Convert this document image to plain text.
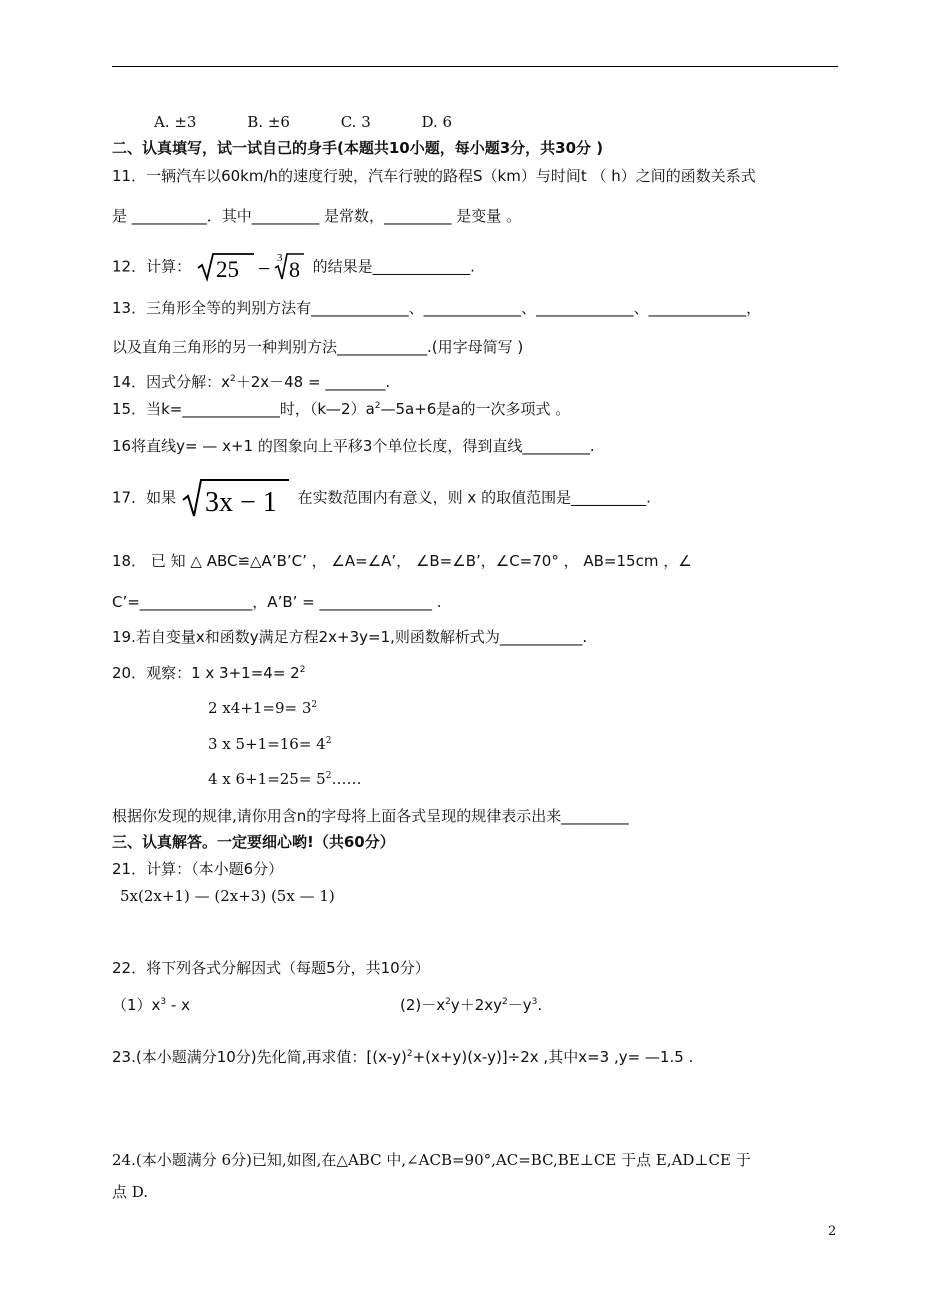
A. ±3	B. ±6	C. 3	D. 6
二、认真填写，试一试自己的身手(本题共10小题，每小题3分，共30分 )
11．一辆汽车以60km/h的速度行驶，汽车行驶的路程S（km）与时间t （ h）之间的函数关系式
是 __________．其中_________ 是常数，_________ 是变量 。
12．计算： 25 − 3 8 的结果是_____________.
13．三角形全等的判别方法有_____________、_____________、_____________、_____________，
以及直角三角形的另一种判别方法____________.(用字母简写 )
14．因式分解：$x^2+2x-48$ = ________.
15．当k=_____________时，$(k—2)a^2—5a+6$是a的一次多项式 。
16将直线y= — x+1 的图象向上平移3个单位长度，得到直线_________.
17．如果 3x − 1 在实数范围内有意义，则 x 的取值范围是__________.
18． 已 知 △ ABC≌△A’B’C’ ， ∠A=∠A’， ∠B=∠B’，∠C=70° ， AB=15cm ，∠
C’=_______________，A’B’ = _______________ .
19.若自变量x和函数y满足方程2x+3y=1,则函数解析式为___________.
20．观察：1 x $3+1=4= 2^2$
2 $x4+1=9= 3^2$
3 x $5+1=16= 4^2$
4 x $6+1=25= 5^2\dots\dots$
根据你发现的规律,请你用含n的字母将上面各式呈现的规律表示出来_________
三、认真解答。一定要细心哟!（共60分）
21．计算：（本小题6分）
5x(2x+1) — (2x+3) (5x — 1)
22．将下列各式分解因式（每题5分，共10分）
$(1)x^3$ - x	$(2)-x^2y+2xy^2-y^3$.
23.(本小题满分10分)先化简,再求值：$[(x-y)^2+(x+y)(x-y)]\div 2x$ ,其中x=3 ,y= —1.5 .
24.(本小题满分 6分)已知,如图,在△ABC 中,∠ACB=90°,AC=BC,BE⊥CE 于点 E,AD⊥CE 于
点 D.
2
